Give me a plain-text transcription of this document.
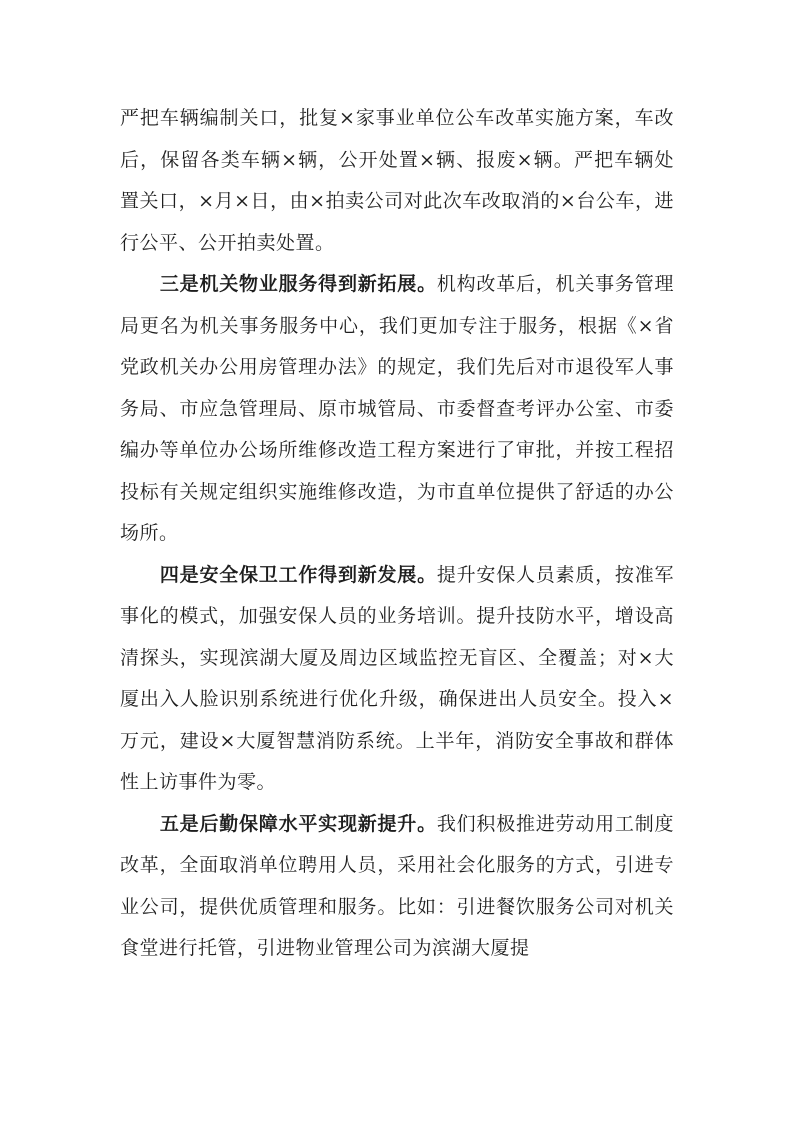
严把车辆编制关口，批复×家事业单位公车改革实施方案，车改后，保留各类车辆×辆，公开处置×辆、报废×辆。严把车辆处置关口，×月×日，由×拍卖公司对此次车改取消的×台公车，进行公平、公开拍卖处置。

三是机关物业服务得到新拓展。机构改革后，机关事务管理局更名为机关事务服务中心，我们更加专注于服务，根据《×省党政机关办公用房管理办法》的规定，我们先后对市退役军人事务局、市应急管理局、原市城管局、市委督查考评办公室、市委编办等单位办公场所维修改造工程方案进行了审批，并按工程招投标有关规定组织实施维修改造，为市直单位提供了舒适的办公场所。

四是安全保卫工作得到新发展。提升安保人员素质，按准军事化的模式，加强安保人员的业务培训。提升技防水平，增设高清探头，实现滨湖大厦及周边区域监控无盲区、全覆盖；对×大厦出入人脸识别系统进行优化升级，确保进出人员安全。投入×万元，建设×大厦智慧消防系统。上半年，消防安全事故和群体性上访事件为零。

五是后勤保障水平实现新提升。我们积极推进劳动用工制度改革，全面取消单位聘用人员，采用社会化服务的方式，引进专业公司，提供优质管理和服务。比如：引进餐饮服务公司对机关食堂进行托管，引进物业管理公司为滨湖大厦提
